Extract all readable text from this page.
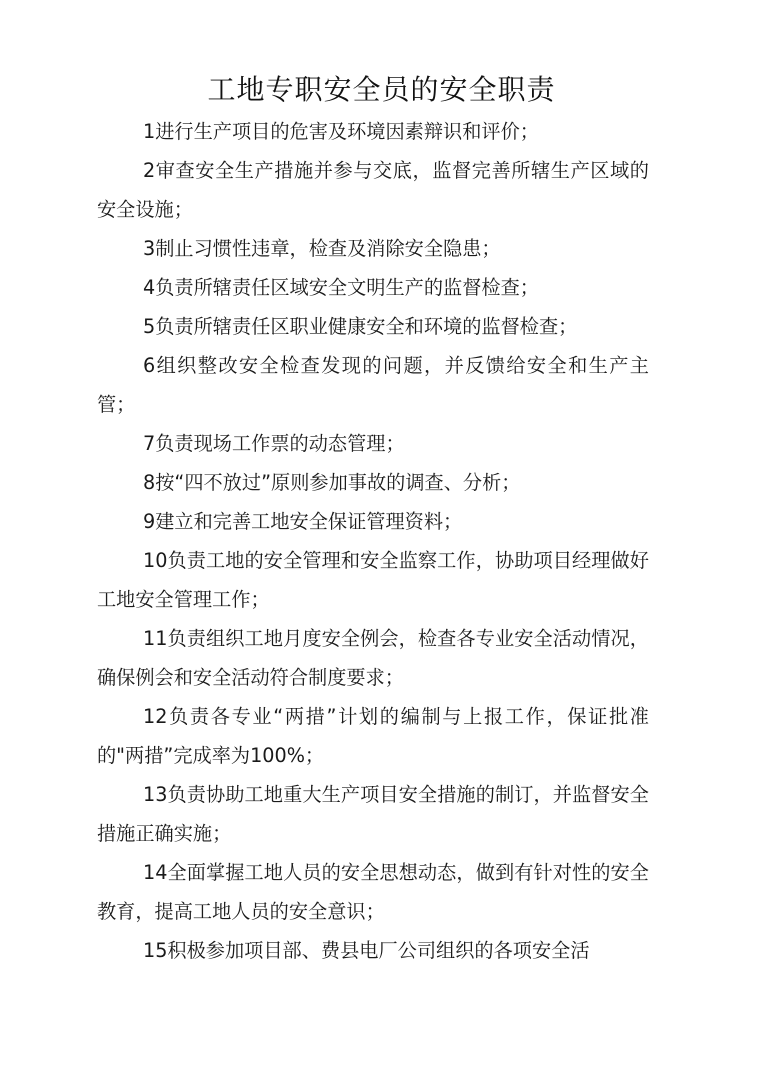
工地专职安全员的安全职责

1进行生产项目的危害及环境因素辩识和评价；

2审查安全生产措施并参与交底，监督完善所辖生产区域的安全设施；

3制止习惯性违章，检查及消除安全隐患；

4负责所辖责任区域安全文明生产的监督检查；

5负责所辖责任区职业健康安全和环境的监督检查；

6组织整改安全检查发现的问题，并反馈给安全和生产主管；

7负责现场工作票的动态管理；

8按“四不放过”原则参加事故的调查、分析；

9建立和完善工地安全保证管理资料；

10负责工地的安全管理和安全监察工作，协助项目经理做好工地安全管理工作；

11负责组织工地月度安全例会，检查各专业安全活动情况，确保例会和安全活动符合制度要求；

12负责各专业“两措”计划的编制与上报工作，保证批准的"两措”完成率为100%；

13负责协助工地重大生产项目安全措施的制订，并监督安全措施正确实施；

14全面掌握工地人员的安全思想动态，做到有针对性的安全教育，提高工地人员的安全意识；

15积极参加项目部、费县电厂公司组织的各项安全活
